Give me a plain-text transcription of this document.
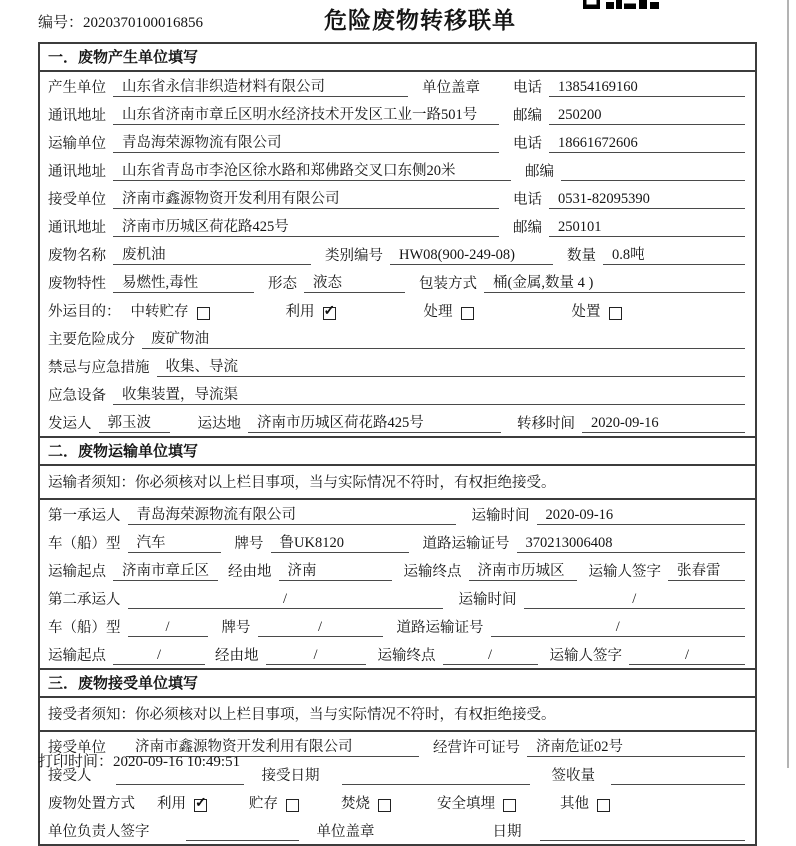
编号：2020370100016856	危险废物转移联单
一．废物产生单位填写
产生单位	山东省永信非织造材料有限公司	单位盖章 电话	13854169160
通讯地址	山东省济南市章丘区明水经济技术开发区工业一路501号	邮编	250200
运输单位	青岛海荣源物流有限公司	电话	18661672606
通讯地址	山东省青岛市李沧区徐水路和郑佛路交叉口东侧20米	邮编
接受单位	济南市鑫源物资开发利用有限公司	电话	0531-82095390
通讯地址	济南市历城区荷花路425号	邮编	250101
废物名称	废机油	类别编号	HW08(900-249-08)	数量	0.8吨
废物特性	易燃性,毒性	形态	液态	包装方式	桶(金属,数量 4 )
外运目的： 中转贮存	利用 ✓	处理	处置
主要危险成分	废矿物油
禁忌与应急措施	收集、导流
应急设备	收集装置，导流渠
发运人	郭玉波	运达地	济南市历城区荷花路425号	转移时间	2020-09-16
二．废物运输单位填写
运输者须知：你必须核对以上栏目事项，当与实际情况不符时，有权拒绝接受。
第一承运人	青岛海荣源物流有限公司	运输时间	2020-09-16
车（船）型	汽车	牌号	鲁UK8120	道路运输证号	370213006408
运输起点	济南市章丘区	经由地	济南	运输终点	济南市历城区	运输人签字	张春雷
第二承运人	/	运输时间	/
车（船）型	/	牌号	/	道路运输证号	/
运输起点	/	经由地	/	运输终点	/	运输人签字	/
三．废物接受单位填写
接受者须知：你必须核对以上栏目事项，当与实际情况不符时，有权拒绝接受。
接受单位	济南市鑫源物资开发利用有限公司	经营许可证号	济南危证02号
接受人	接受日期	签收量
废物处置方式 利用 ✓	贮存	焚烧	安全填埋	其他
单位负责人签字	单位盖章	日期
打印时间：2020-09-16 10:49:51
